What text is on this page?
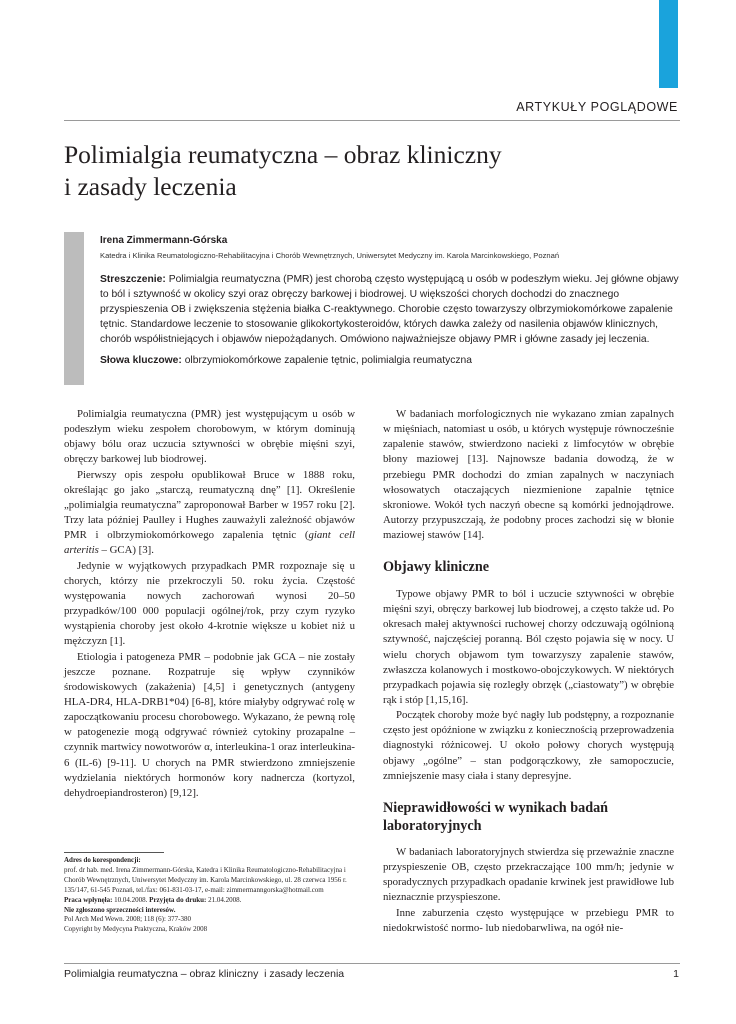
ARTYKUŁY POGLĄDOWE
Polimialgia reumatyczna – obraz kliniczny
i zasady leczenia
Irena Zimmermann-Górska
Katedra i Klinika Reumatologiczno-Rehabilitacyjna i Chorób Wewnętrznych, Uniwersytet Medyczny im. Karola Marcinkowskiego, Poznań
Streszczenie: Polimialgia reumatyczna (PMR) jest chorobą często występującą u osób w podeszłym wieku. Jej główne objawy to ból i sztywność w okolicy szyi oraz obręczy barkowej i biodrowej. U większości chorych dochodzi do znacznego przyspieszenia OB i zwiększenia stężenia białka C-reaktywnego. Chorobie często towarzyszy olbrzymiokomórkowe zapalenie tętnic. Standardowe leczenie to stosowanie glikokortykosteroidów, których dawka zależy od nasilenia objawów klinicznych, chorób współistniejących i objawów niepożądanych. Omówiono najważniejsze objawy PMR i główne zasady jej leczenia.
Słowa kluczowe: olbrzymiokomórkowe zapalenie tętnic, polimialgia reumatyczna

Polimialgia reumatyczna (PMR) jest występującym u osób w podeszłym wieku zespołem chorobowym, w którym dominują objawy bólu oraz uczucia sztywności w obrębie mięśni szyi, obręczy barkowej lub biodrowej.

Pierwszy opis zespołu opublikował Bruce w 1888 roku, określając go jako „starczą, reumatyczną dnę” [1]. Określenie „polimialgia reumatyczna” zaproponował Barber w 1957 roku [2]. Trzy lata później Paulley i Hughes zauważyli zależność objawów PMR i olbrzymiokomórkowego zapalenia tętnic (giant cell arteritis – GCA) [3].

Jedynie w wyjątkowych przypadkach PMR rozpoznaje się u chorych, którzy nie przekroczyli 50. roku życia. Częstość występowania nowych zachorowań wynosi 20–50 przypadków/100 000 populacji ogólnej/rok, przy czym ryzyko wystąpienia choroby jest około 4-krotnie większe u kobiet niż u mężczyzn [1].

Etiologia i patogeneza PMR – podobnie jak GCA – nie zostały jeszcze poznane. Rozpatruje się wpływ czynników środowiskowych (zakażenia) [4,5] i genetycznych (antygeny HLA-DR4, HLA-DRB1*04) [6-8], które miałyby odgrywać rolę w zapoczątkowaniu procesu chorobowego. Wykazano, że pewną rolę w patogenezie mogą odgrywać również cytokiny prozapalne – czynnik martwicy nowotworów α, interleukina-1 oraz interleukina-6 (IL-6) [9-11]. U chorych na PMR stwierdzono zmniejszenie wydzielania niektórych hormonów kory nadnercza (kortyzol, dehydroepiandrosteron) [9,12].

W badaniach morfologicznych nie wykazano zmian zapalnych w mięśniach, natomiast u osób, u których występuje równocześnie zapalenie stawów, stwierdzono nacieki z limfocytów w obrębie błony maziowej [13]. Najnowsze badania dowodzą, że w przebiegu PMR dochodzi do zmian zapalnych w naczyniach włosowatych otaczających niezmienione zapalnie tętnice skroniowe. Wokół tych naczyń obecne są komórki jednojądrowe. Autorzy przypuszczają, że podobny proces zachodzi się w błonie maziowej stawów [14].

Objawy kliniczne

Typowe objawy PMR to ból i uczucie sztywności w obrębie mięśni szyi, obręczy barkowej lub biodrowej, a często także ud. Po okresach małej aktywności ruchowej chorzy odczuwają ogólnioną sztywność, najczęściej poranną. Ból często pojawia się w nocy. U wielu chorych objawom tym towarzyszy zapalenie stawów, zwłaszcza kolanowych i mostkowo-obojczykowych. W niektórych przypadkach pojawia się rozległy obrzęk („ciastowaty”) w obrębie rąk i stóp [1,15,16].

Początek choroby może być nagły lub podstępny, a rozpoznanie często jest opóźnione w związku z koniecznością przeprowadzenia diagnostyki różnicowej. U około połowy chorych występują objawy „ogólne” – stan podgorączkowy, złe samopoczucie, zmniejszenie masy ciała i stany depresyjne.

Nieprawidłowości w wynikach badań
laboratoryjnych

W badaniach laboratoryjnych stwierdza się przeważnie znaczne przyspieszenie OB, często przekraczające 100 mm/h; jedynie w sporadycznych przypadkach opadanie krwinek jest prawidłowe lub nieznacznie przyspieszone.

Inne zaburzenia często występujące w przebiegu PMR to niedokrwistość normo- lub niedobarwliwa, na ogół nie-

Adres do korespondencji:
prof. dr hab. med. Irena Zimmermann-Górska, Katedra i Klinika Reumatologiczno-Rehabilitacyjna i Chorób Wewnętrznych, Uniwersytet Medyczny im. Karola Marcinkowskiego, ul. 28 czerwca 1956 r. 135/147, 61-545 Poznań, tel./fax: 061-831-03-17, e-mail: zimmermanngorska@hotmail.com
Praca wpłynęła: 10.04.2008. Przyjęta do druku: 21.04.2008.
Nie zgłoszono sprzeczności interesów.
Pol Arch Med Wewn. 2008; 118 (6): 377-380
Copyright by Medycyna Praktyczna, Kraków 2008
Polimialgia reumatyczna – obraz kliniczny  i zasady leczenia	1
